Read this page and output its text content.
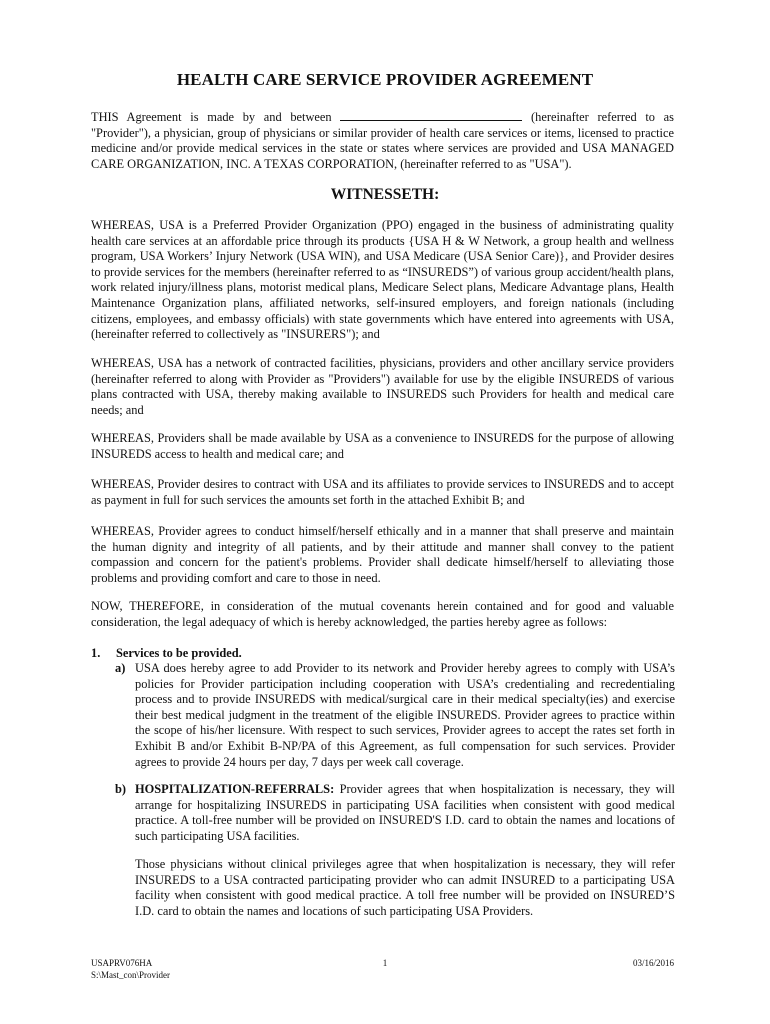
HEALTH CARE SERVICE PROVIDER AGREEMENT
THIS Agreement is made by and between	(hereinafter referred to as "Provider"), a physician, group of physicians or similar provider of health care services or items, licensed to practice medicine and/or provide medical services in the state or states where services are provided and USA MANAGED CARE ORGANIZATION, INC. A TEXAS CORPORATION, (hereinafter referred to as "USA").
WITNESSETH:
WHEREAS, USA is a Preferred Provider Organization (PPO) engaged in the business of administrating quality health care services at an affordable price through its products {USA H & W Network, a group health and wellness program, USA Workers’ Injury Network (USA WIN), and USA Medicare (USA Senior Care)}, and Provider desires to provide services for the members (hereinafter referred to as “INSUREDS”) of various group accident/health plans, work related injury/illness plans, motorist medical plans, Medicare Select plans, Medicare Advantage plans, Health Maintenance Organization plans, affiliated networks, self-insured employers, and foreign nationals (including citizens, employees, and embassy officials) with state governments which have entered into agreements with USA, (hereinafter referred to collectively as "INSURERS"); and
WHEREAS, USA has a network of contracted facilities, physicians, providers and other ancillary service providers (hereinafter referred to along with Provider as "Providers") available for use by the eligible INSUREDS of various plans contracted with USA, thereby making available to INSUREDS such Providers for health and medical care needs; and
WHEREAS, Providers shall be made available by USA as a convenience to INSUREDS for the purpose of allowing INSUREDS access to health and medical care; and
WHEREAS, Provider desires to contract with USA and its affiliates to provide services to INSUREDS and to accept as payment in full for such services the amounts set forth in the attached Exhibit B; and
WHEREAS, Provider agrees to conduct himself/herself ethically and in a manner that shall preserve and maintain the human dignity and integrity of all patients, and by their attitude and manner shall convey to the patient compassion and concern for the patient's problems. Provider shall dedicate himself/herself to alleviating those problems and providing comfort and care to those in need.
NOW, THEREFORE, in consideration of the mutual covenants herein contained and for good and valuable consideration, the legal adequacy of which is hereby acknowledged, the parties hereby agree as follows:
1. Services to be provided.
a) USA does hereby agree to add Provider to its network and Provider hereby agrees to comply with USA’s policies for Provider participation including cooperation with USA’s credentialing and recredentialing process and to provide INSUREDS with medical/surgical care in their medical specialty(ies) and exercise their best medical judgment in the treatment of the eligible INSUREDS. Provider agrees to practice within the scope of his/her licensure. With respect to such services, Provider agrees to accept the rates set forth in Exhibit B and/or Exhibit B-NP/PA of this Agreement, as full compensation for such services. Provider agrees to provide 24 hours per day, 7 days per week call coverage.
b) HOSPITALIZATION-REFERRALS: Provider agrees that when hospitalization is necessary, they will arrange for hospitalizing INSUREDS in participating USA facilities when consistent with good medical practice. A toll-free number will be provided on INSURED'S I.D. card to obtain the names and locations of such participating USA facilities.
Those physicians without clinical privileges agree that when hospitalization is necessary, they will refer INSUREDS to a USA contracted participating provider who can admit INSURED to a participating USA facility when consistent with good medical practice. A toll free number will be provided on INSURED’S I.D. card to obtain the names and locations of such participating USA Providers.
USAPRV076HA
S:\Mast_con\Provider
1	03/16/2016
